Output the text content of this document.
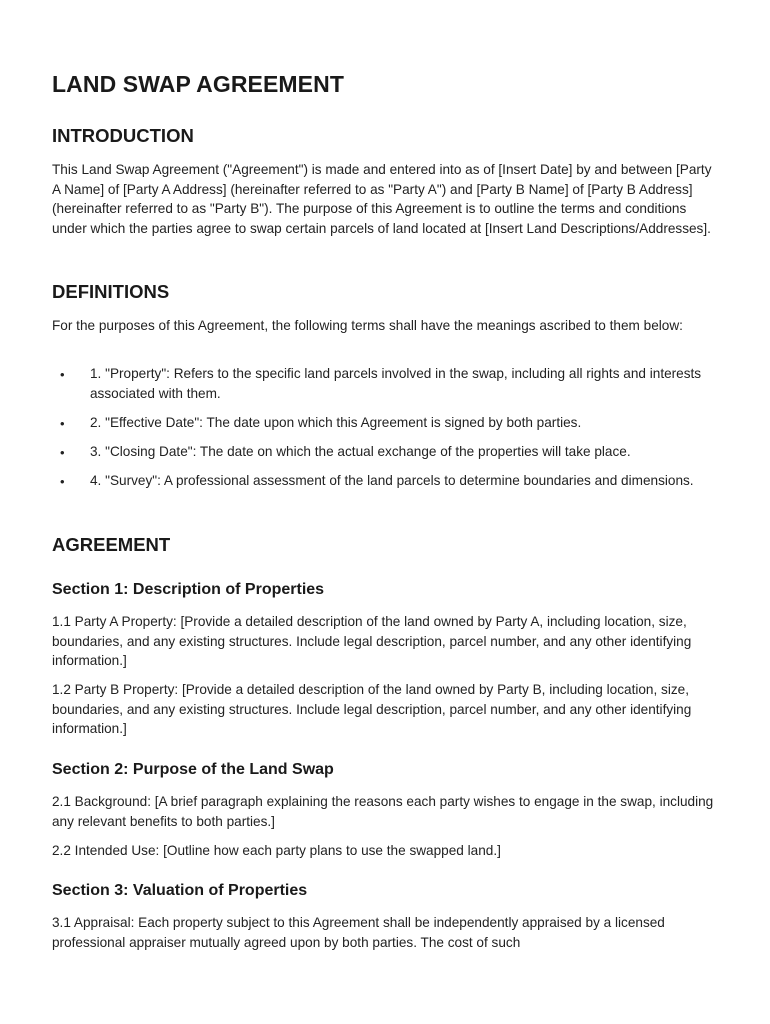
LAND SWAP AGREEMENT
INTRODUCTION

This Land Swap Agreement ("Agreement") is made and entered into as of [Insert Date] by and between [Party A Name] of [Party A Address] (hereinafter referred to as "Party A") and [Party B Name] of [Party B Address] (hereinafter referred to as "Party B"). The purpose of this Agreement is to outline the terms and conditions under which the parties agree to swap certain parcels of land located at [Insert Land Descriptions/Addresses].

DEFINITIONS

For the purposes of this Agreement, the following terms shall have the meanings ascribed to them below:

• 1. "Property": Refers to the specific land parcels involved in the swap, including all rights and interests associated with them.
• 2. "Effective Date": The date upon which this Agreement is signed by both parties.
• 3. "Closing Date": The date on which the actual exchange of the properties will take place.
• 4. "Survey": A professional assessment of the land parcels to determine boundaries and dimensions.
AGREEMENT
Section 1: Description of Properties

1.1 Party A Property: [Provide a detailed description of the land owned by Party A, including location, size, boundaries, and any existing structures. Include legal description, parcel number, and any other identifying information.]

1.2 Party B Property: [Provide a detailed description of the land owned by Party B, including location, size, boundaries, and any existing structures. Include legal description, parcel number, and any other identifying information.]

Section 2: Purpose of the Land Swap

2.1 Background: [A brief paragraph explaining the reasons each party wishes to engage in the swap, including any relevant benefits to both parties.]

2.2 Intended Use: [Outline how each party plans to use the swapped land.]

Section 3: Valuation of Properties

3.1 Appraisal: Each property subject to this Agreement shall be independently appraised by a licensed professional appraiser mutually agreed upon by both parties. The cost of such
